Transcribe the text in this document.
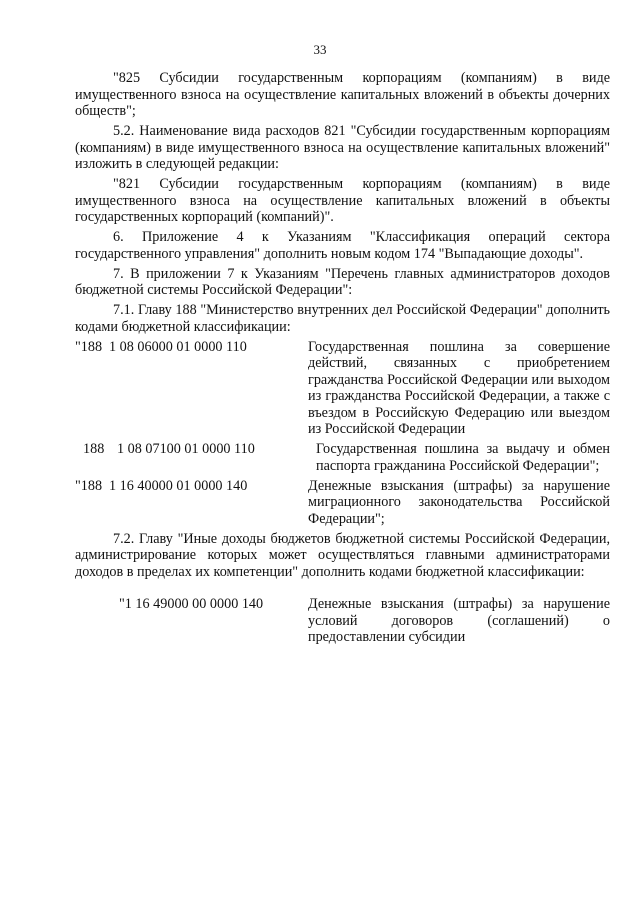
33

"825 Субсидии государственным корпорациям (компаниям) в виде имущественного взноса на осуществление капитальных вложений в объекты дочерних обществ";

5.2. Наименование вида расходов 821 "Субсидии государственным корпорациям (компаниям) в виде имущественного взноса на осуществление капитальных вложений" изложить в следующей редакции:

"821 Субсидии государственным корпорациям (компаниям) в виде имущественного взноса на осуществление капитальных вложений в объекты государственных корпораций (компаний)".

6. Приложение 4 к Указаниям "Классификация операций сектора государственного управления" дополнить новым кодом 174 "Выпадающие доходы".

7. В приложении 7 к Указаниям "Перечень главных администраторов доходов бюджетной системы Российской Федерации":

7.1. Главу 188 "Министерство внутренних дел Российской Федерации" дополнить кодами бюджетной классификации:

"188 1 08 06000 01 0000 110	Государственная пошлина за совершение действий, связанных с приобретением гражданства Российской Федерации или выходом из гражданства Российской Федерации, а также с въездом в Российскую Федерацию или выездом из Российской Федерации
188 1 08 07100 01 0000 110	Государственная пошлина за выдачу и обмен паспорта гражданина Российской Федерации";
"188 1 16 40000 01 0000 140	Денежные взыскания (штрафы) за нарушение миграционного законодательства Российской Федерации";

7.2. Главу "Иные доходы бюджетов бюджетной системы Российской Федерации, администрирование которых может осуществляться главными администраторами доходов в пределах их компетенции" дополнить кодами бюджетной классификации:

"1 16 49000 00 0000 140	Денежные взыскания (штрафы) за нарушение условий договоров (соглашений) о предоставлении субсидии
